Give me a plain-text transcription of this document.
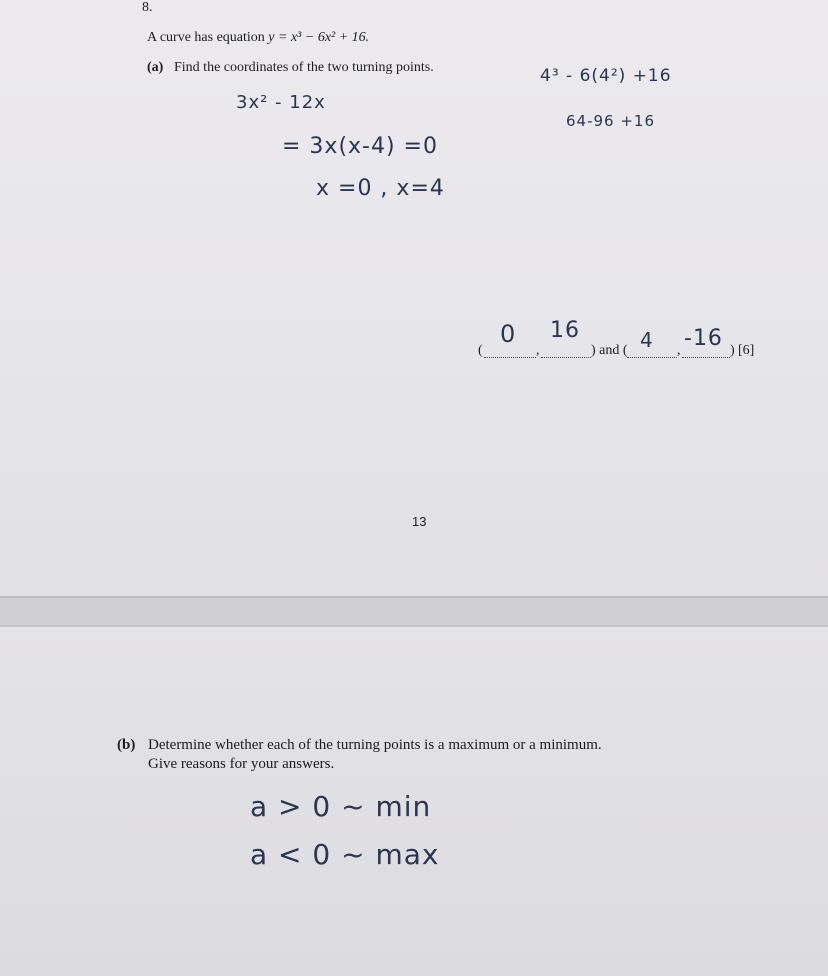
8.
A curve has equation y = x³ − 6x² + 16.
(a) Find the coordinates of the two turning points.	4³ - 6(4²) +16
3x² - 12x
64-96 +16
= 3x(x-4) =0
x =0 , x=4
(	,	) and (	,	) [6]
0 16	4 -16
13
(b) Determine whether each of the turning points is a maximum or a minimum.
Give reasons for your answers.
a > 0 ~ min
a < 0 ~ max
